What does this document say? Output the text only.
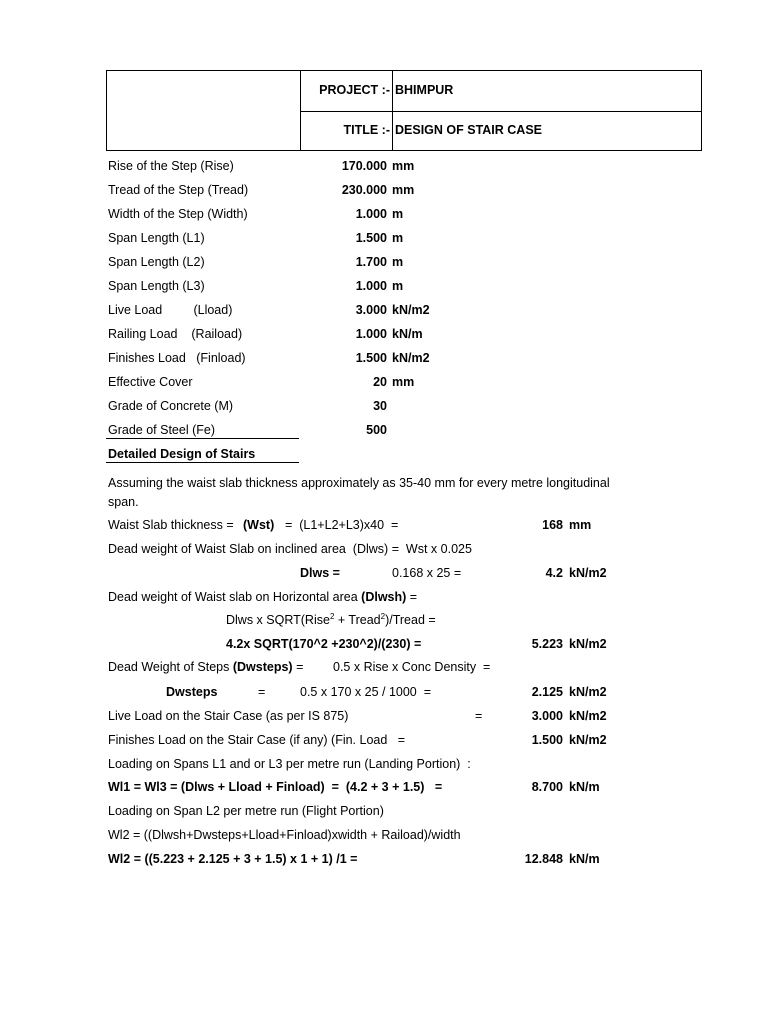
PROJECT :- BHIMPUR
TITLE :- DESIGN OF STAIR CASE
Rise of the Step (Rise)	170.000 mm
Tread of the Step (Tread)	230.000 mm
Width of the Step (Width)	1.000 m
Span Length (L1)	1.500 m
Span Length (L2)	1.700 m
Span Length (L3)	1.000 m
Live Load         (Lload)	3.000 kN/m2
Railing Load    (Raiload)	1.000 kN/m
Finishes Load   (Finload)	1.500 kN/m2
Effective Cover	20 mm
Grade of Concrete (M)	30
Grade of Steel (Fe)	500
Detailed Design of Stairs
Assuming the waist slab thickness approximately as 35-40 mm for every metre longitudinal
span.
Waist Slab thickness = (Wst) =  (L1+L2+L3)x40  =	168 mm
Dead weight of Waist Slab on inclined area  (Dlws) =  Wst x 0.025
Dlws =	0.168 x 25 =	4.2 kN/m2
Dead weight of Waist slab on Horizontal area (Dlwsh) =
Dlws x SQRT(Rise$^2$ + Tread$^2$)/Tread =
4.2x SQRT(170^2 +230^2)/(230) =	5.223 kN/m2
Dead Weight of Steps (Dwsteps) = 0.5 x Rise x Conc Density  =
Dwsteps	=	0.5 x 170 x 25 / 1000  =	2.125 kN/m2
Live Load on the Stair Case (as per IS 875)	=	3.000 kN/m2
Finishes Load on the Stair Case (if any) (Fin. Load   =	1.500 kN/m2
Loading on Spans L1 and or L3 per metre run (Landing Portion)  :
Wl1 = Wl3 = (Dlws + Lload + Finload)  =  (4.2 + 3 + 1.5)   =	8.700 kN/m
Loading on Span L2 per metre run (Flight Portion)
Wl2 = ((Dlwsh+Dwsteps+Lload+Finload)xwidth + Raiload)/width
Wl2 = ((5.223 + 2.125 + 3 + 1.5) x 1 + 1) /1 =	12.848 kN/m
